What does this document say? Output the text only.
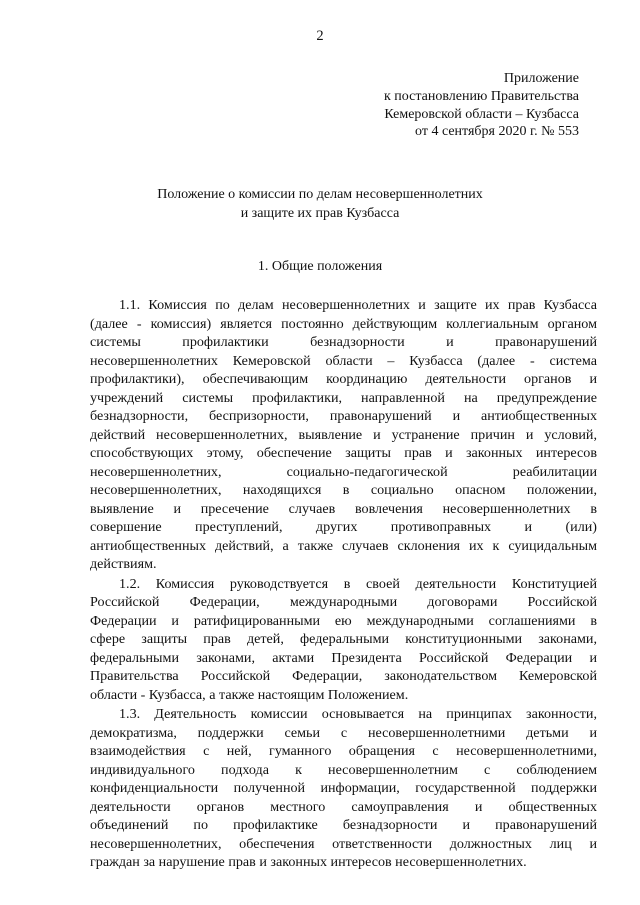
2
Приложение
к постановлению Правительства
Кемеровской области – Кузбасса
от 4 сентября 2020 г. № 553
Положение о комиссии по делам несовершеннолетних
и защите их прав Кузбасса
1. Общие положения
1.1. Комиссия по делам несовершеннолетних и защите их прав Кузбасса
(далее - комиссия) является постоянно действующим коллегиальным органом
системы профилактики безнадзорности и правонарушений
несовершеннолетних Кемеровской области – Кузбасса (далее - система
профилактики), обеспечивающим координацию деятельности органов и
учреждений системы профилактики, направленной на предупреждение
безнадзорности, беспризорности, правонарушений и антиобщественных
действий несовершеннолетних, выявление и устранение причин и условий,
способствующих этому, обеспечение защиты прав и законных интересов
несовершеннолетних, социально-педагогической реабилитации
несовершеннолетних, находящихся в социально опасном положении,
выявление и пресечение случаев вовлечения несовершеннолетних в
совершение преступлений, других противоправных и (или)
антиобщественных действий, а также случаев склонения их к суицидальным
действиям.
1.2. Комиссия руководствуется в своей деятельности Конституцией
Российской Федерации, международными договорами Российской
Федерации и ратифицированными ею международными соглашениями в
сфере защиты прав детей, федеральными конституционными законами,
федеральными законами, актами Президента Российской Федерации и
Правительства Российской Федерации, законодательством Кемеровской
области - Кузбасса, а также настоящим Положением.
1.3. Деятельность комиссии основывается на принципах законности,
демократизма, поддержки семьи с несовершеннолетними детьми и
взаимодействия с ней, гуманного обращения с несовершеннолетними,
индивидуального подхода к несовершеннолетним с соблюдением
конфиденциальности полученной информации, государственной поддержки
деятельности органов местного самоуправления и общественных
объединений по профилактике безнадзорности и правонарушений
несовершеннолетних, обеспечения ответственности должностных лиц и
граждан за нарушение прав и законных интересов несовершеннолетних.
